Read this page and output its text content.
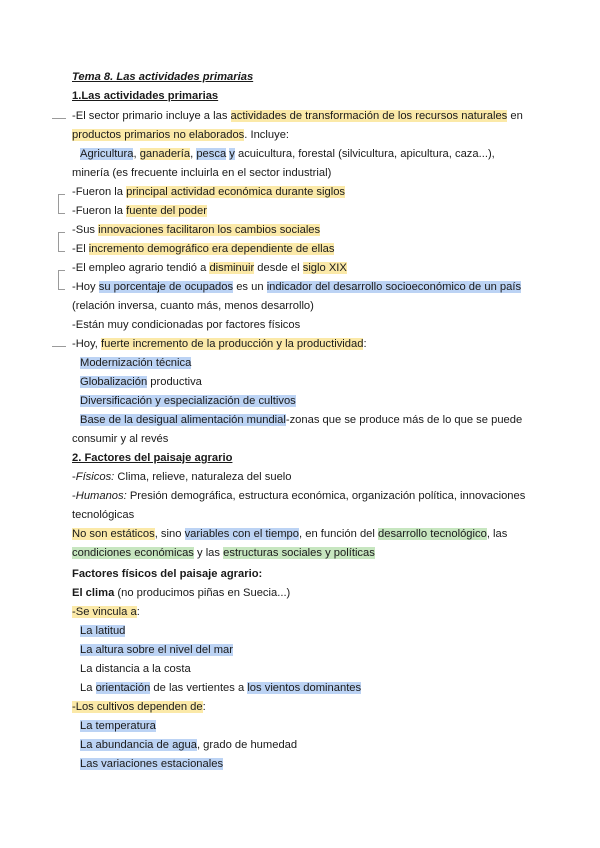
Tema 8. Las actividades primarias
1.Las actividades primarias
-El sector primario incluye a las actividades de transformación de los recursos naturales en
productos primarios no elaborados. Incluye:
Agricultura, ganadería, pesca y acuicultura, forestal (silvicultura, apicultura, caza...),
minería (es frecuente incluirla en el sector industrial)
-Fueron la principal actividad económica durante siglos
-Fueron la fuente del poder
-Sus innovaciones facilitaron los cambios sociales
-El incremento demográfico era dependiente de ellas
-El empleo agrario tendió a disminuir desde el siglo XIX
-Hoy su porcentaje de ocupados es un indicador del desarrollo socioeconómico de un país
(relación inversa, cuanto más, menos desarrollo)
-Están muy condicionadas por factores físicos
-Hoy, fuerte incremento de la producción y la productividad:
Modernización técnica
Globalización productiva
Diversificación y especialización de cultivos
Base de la desigual alimentación mundial-zonas que se produce más de lo que se puede
consumir y al revés
2. Factores del paisaje agrario
-Físicos: Clima, relieve, naturaleza del suelo
-Humanos: Presión demográfica, estructura económica, organización política, innovaciones
tecnológicas
No son estáticos, sino variables con el tiempo, en función del desarrollo tecnológico, las
condiciones económicas y las estructuras sociales y políticas
Factores físicos del paisaje agrario:
El clima (no producimos piñas en Suecia...)
-Se vincula a:
La latitud
La altura sobre el nivel del mar
La distancia a la costa
La orientación de las vertientes a los vientos dominantes
-Los cultivos dependen de:
La temperatura
La abundancia de agua, grado de humedad
Las variaciones estacionales
